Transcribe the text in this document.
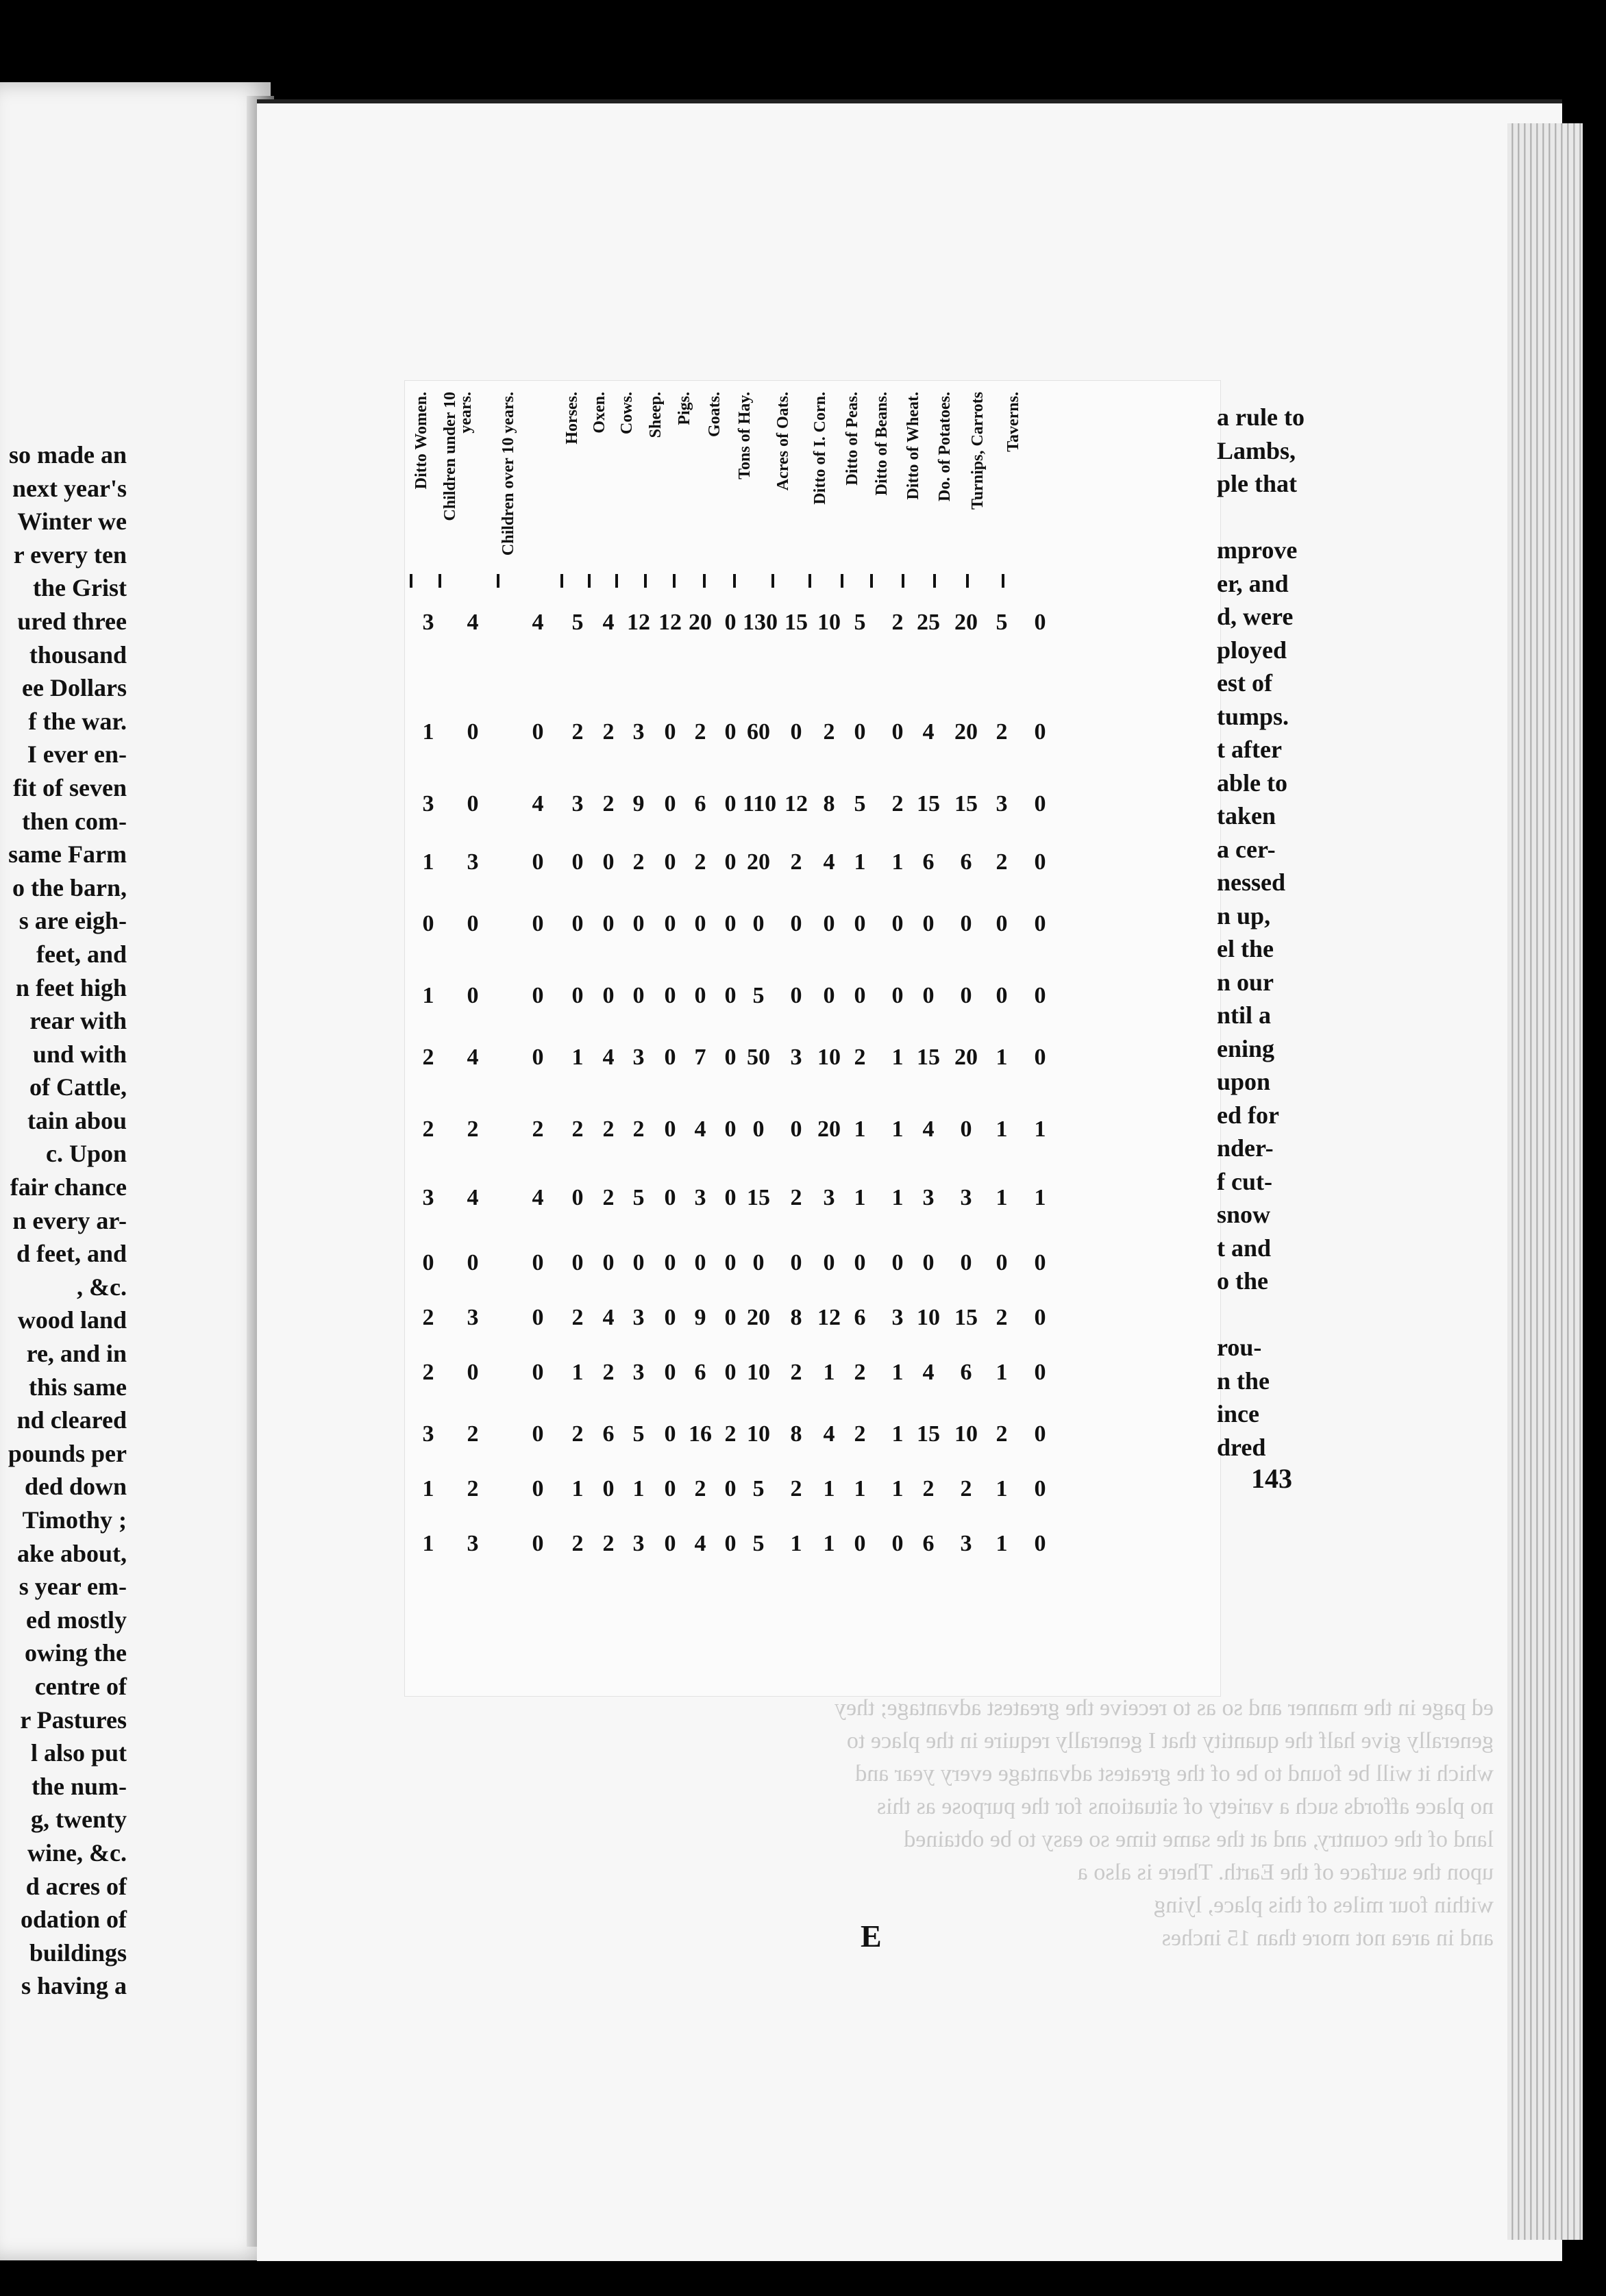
so made an
next year's
Winter we
r every ten
the Grist
ured three
thousand
ee Dollars
f the war.
I ever en-
fit of seven
then com-
same Farm
o the barn,
s are eigh-
feet, and
n feet high
rear with
und with
of Cattle,
tain abou
c. Upon
fair chance
n every ar-
d feet, and
, &c.
wood land
re, and in
this same
nd cleared
pounds per
ded down
Timothy ;
ake about,
s year em-
ed mostly
owing the
centre of
r Pastures
l also put
the num-
g, twenty
wine, &c.
d acres of
odation of
buildings
s having a
Ditto Women. Children under 10 years. Children over 10 years.	Horses. Oxen. Cows. Sheep. Pigs. Goats. Tons of Hay.	Acres of Oats.	Ditto of I. Corn. Ditto of Peas. Ditto of Beans. Ditto of Wheat. Do. of Potatoes. Turnips, Carrots	Taverns.
3	4	4	5 4 12 12 20 0 130 15 10 5	2 25 20 5	0
1	0	0	2 2 3 0 2 0 60 0 2 0	0 4 20 2	0
3	0	4	3 2 9 0 6 0 110 12 8 5	2 15 15 3	0
1	3	0	0 0 2 0 2 0 20 2 4 1	1 6	6	2	0
0	0	0	0 0 0 0 0 0 0	0 0 0	0 0	0	0	0
1	0	0	0 0 0 0 0 0 5	0 0 0	0 0	0	0	0
2	4	0	1 4 3 0 7 0 50 3 10 2	1 15 20 1	0
2	2	2	2 2 2 0 4 0 0	0 20 1	1 4	0	1	1
3	4	4	0 2 5 0 3 0 15 2 3 1	1 3	3	1	1
0	0	0	0 0 0 0 0 0 0	0 0 0	0 0	0	0	0
2	3	0	2 4 3 0 9 0 20 8 12 6	3 10 15 2	0
2	0	0	1 2 3 0 6 0 10 2 1 2	1 4	6	1	0
3	2	0	2 6 5 0 16 2 10 8 4 2	1 15 10 2	0
1	2	0	1 0 1 0 2 0 5	2 1 1	1 2	2	1	0
1	3	0	2 2 3 0 4 0 5	1 1 0	0 6	3	1	0
a rule to
Lambs,
ple that
mprove
er, and
d, were
ployed
est of
tumps.
t after
able to
taken
a cer-
nessed
n up,
el the
n our
ntil a
ening
upon
ed for
nder-
f cut-
snow
t and
o the
rou-
n the
ince
dred
143
ed page in the manner and so as to receive the greatest advantage; they
generally give half the quantity that I generally require in the place to
which it will be found to be of the greatest advantage every year and
no place affords such a variety of situations for the purpose as this
land of the country, and at the same time so easy to be obtained
upon the surface of the Earth. There is also a
within four miles of this place, lying
and in area not more than 15 inches
E
